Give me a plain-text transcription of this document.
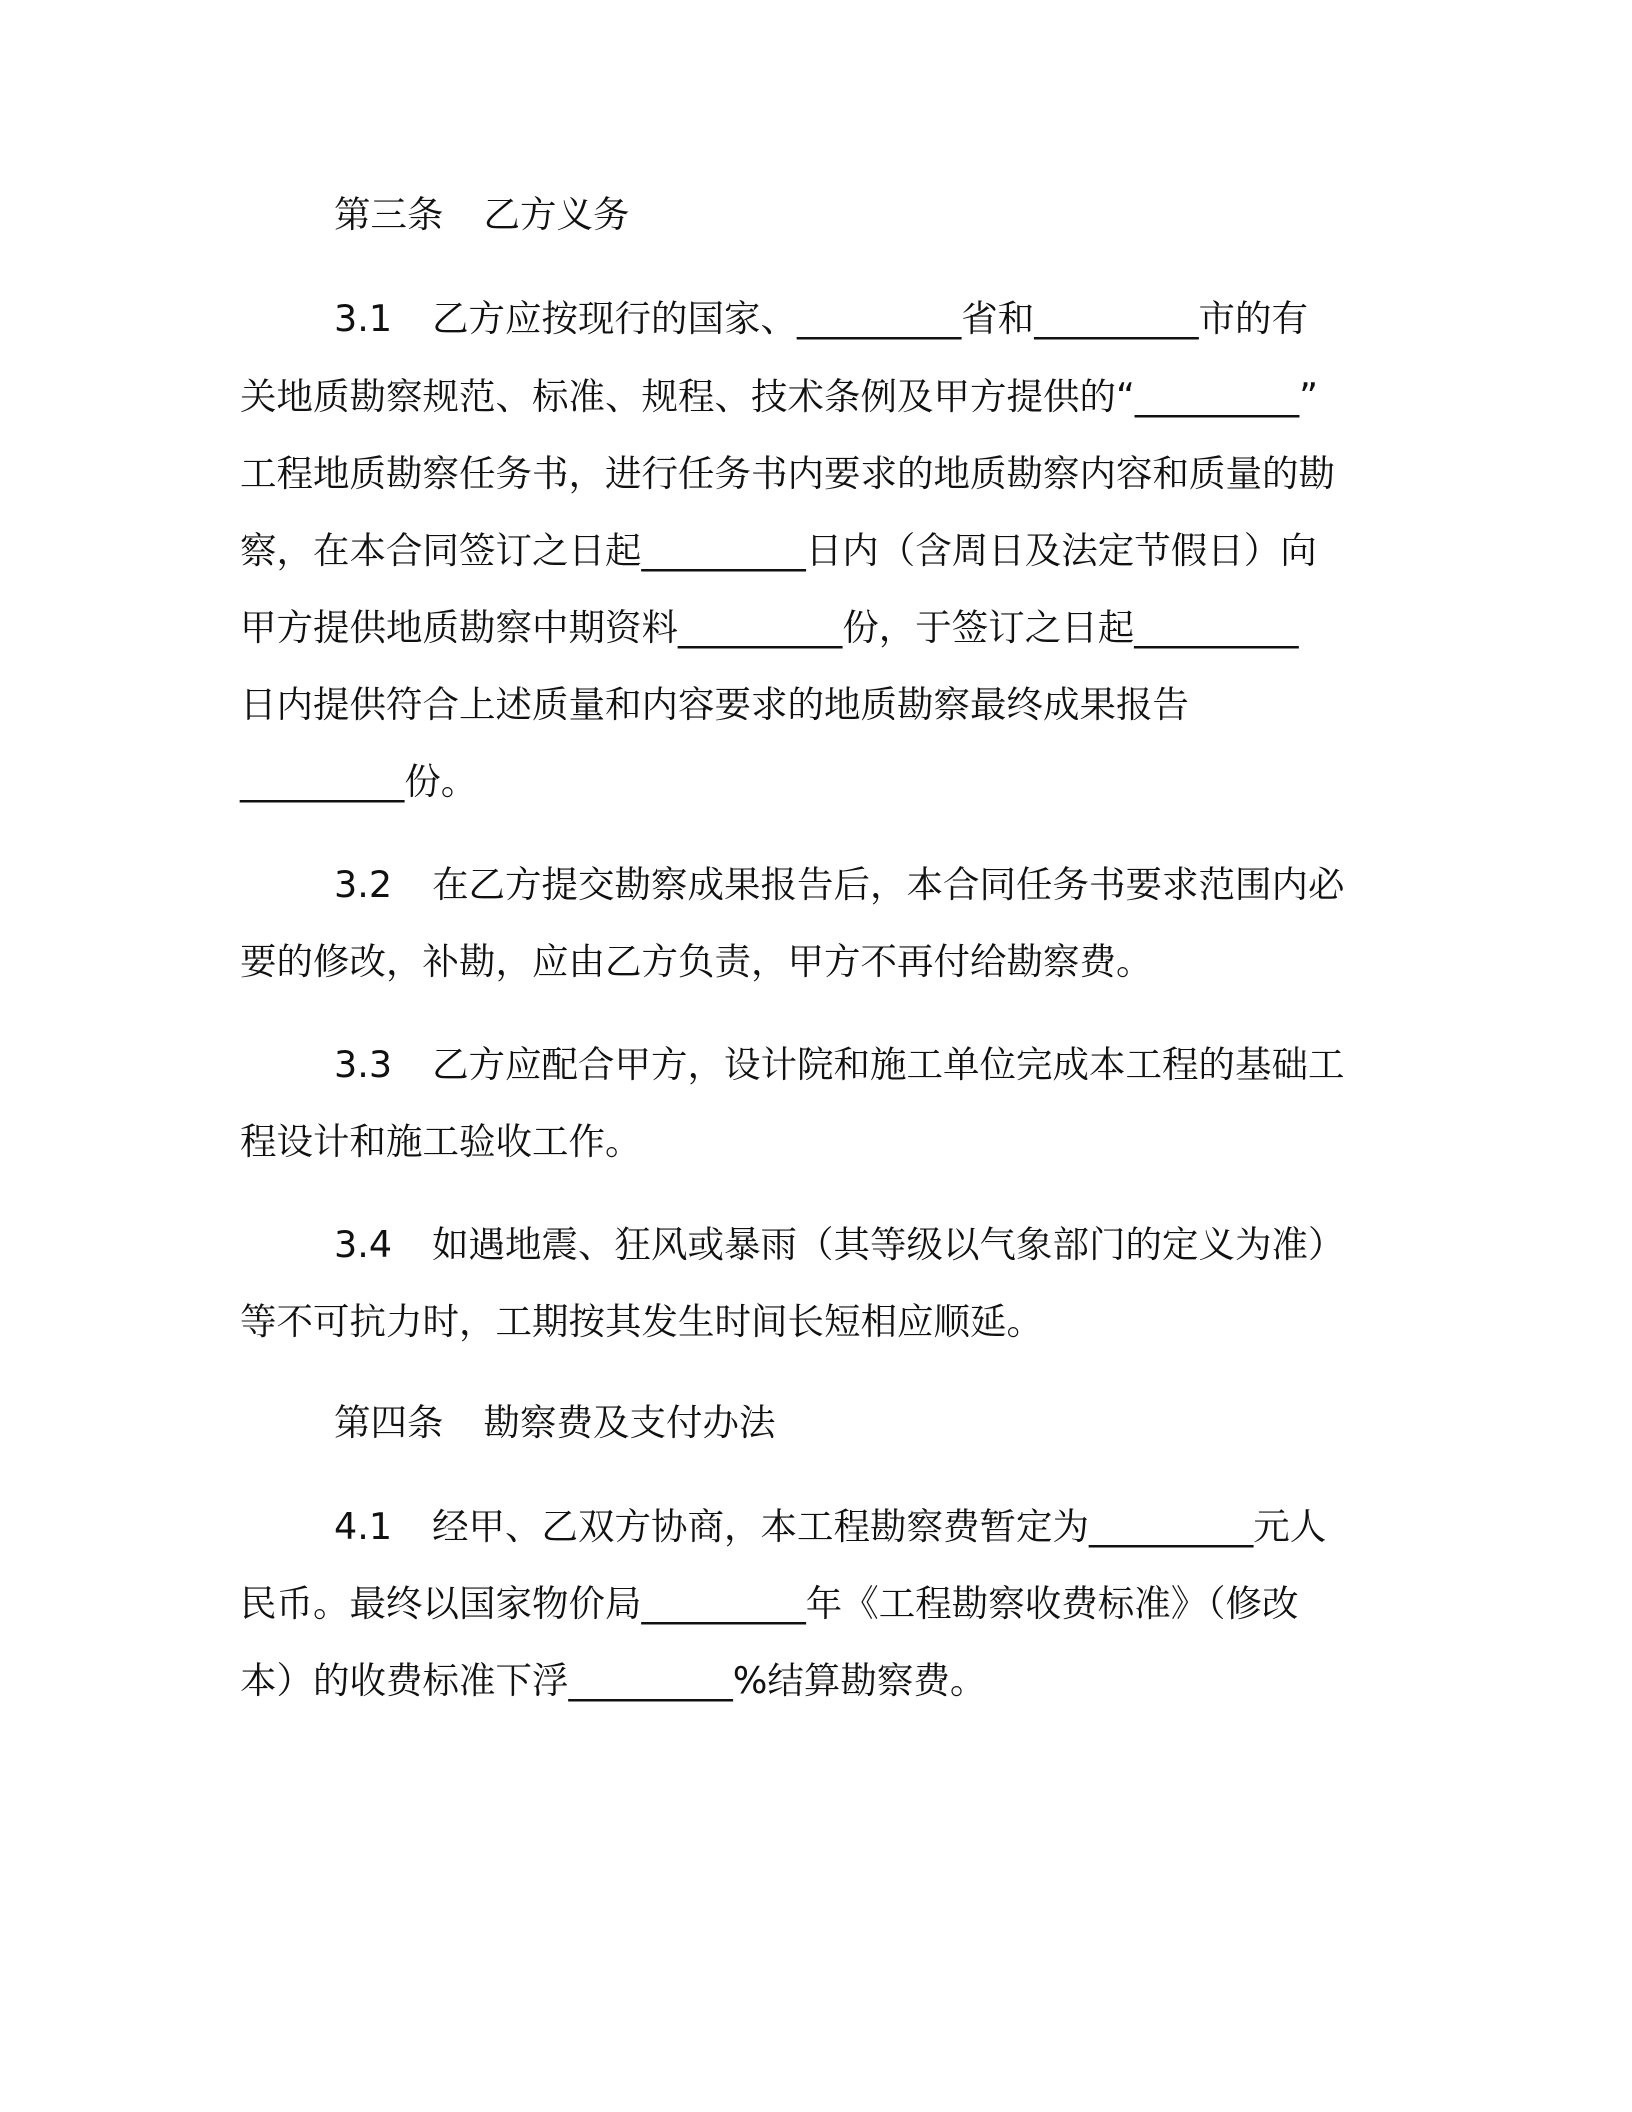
第三条 乙方义务
3.1 乙方应按现行的国家、_________省和_________市的有
关地质勘察规范、标准、规程、技术条例及甲方提供的“_________”
工程地质勘察任务书，进行任务书内要求的地质勘察内容和质量的勘
察，在本合同签订之日起_________日内（含周日及法定节假日）向
甲方提供地质勘察中期资料_________份，于签订之日起_________
日内提供符合上述质量和内容要求的地质勘察最终成果报告
_________份。
3.2 在乙方提交勘察成果报告后，本合同任务书要求范围内必
要的修改，补勘，应由乙方负责，甲方不再付给勘察费。
3.3 乙方应配合甲方，设计院和施工单位完成本工程的基础工
程设计和施工验收工作。
3.4 如遇地震、狂风或暴雨（其等级以气象部门的定义为准）
等不可抗力时，工期按其发生时间长短相应顺延。
第四条 勘察费及支付办法
4.1 经甲、乙双方协商，本工程勘察费暂定为_________元人
民币。最终以国家物价局_________年《工程勘察收费标准》（修改
本）的收费标准下浮_________%结算勘察费。
